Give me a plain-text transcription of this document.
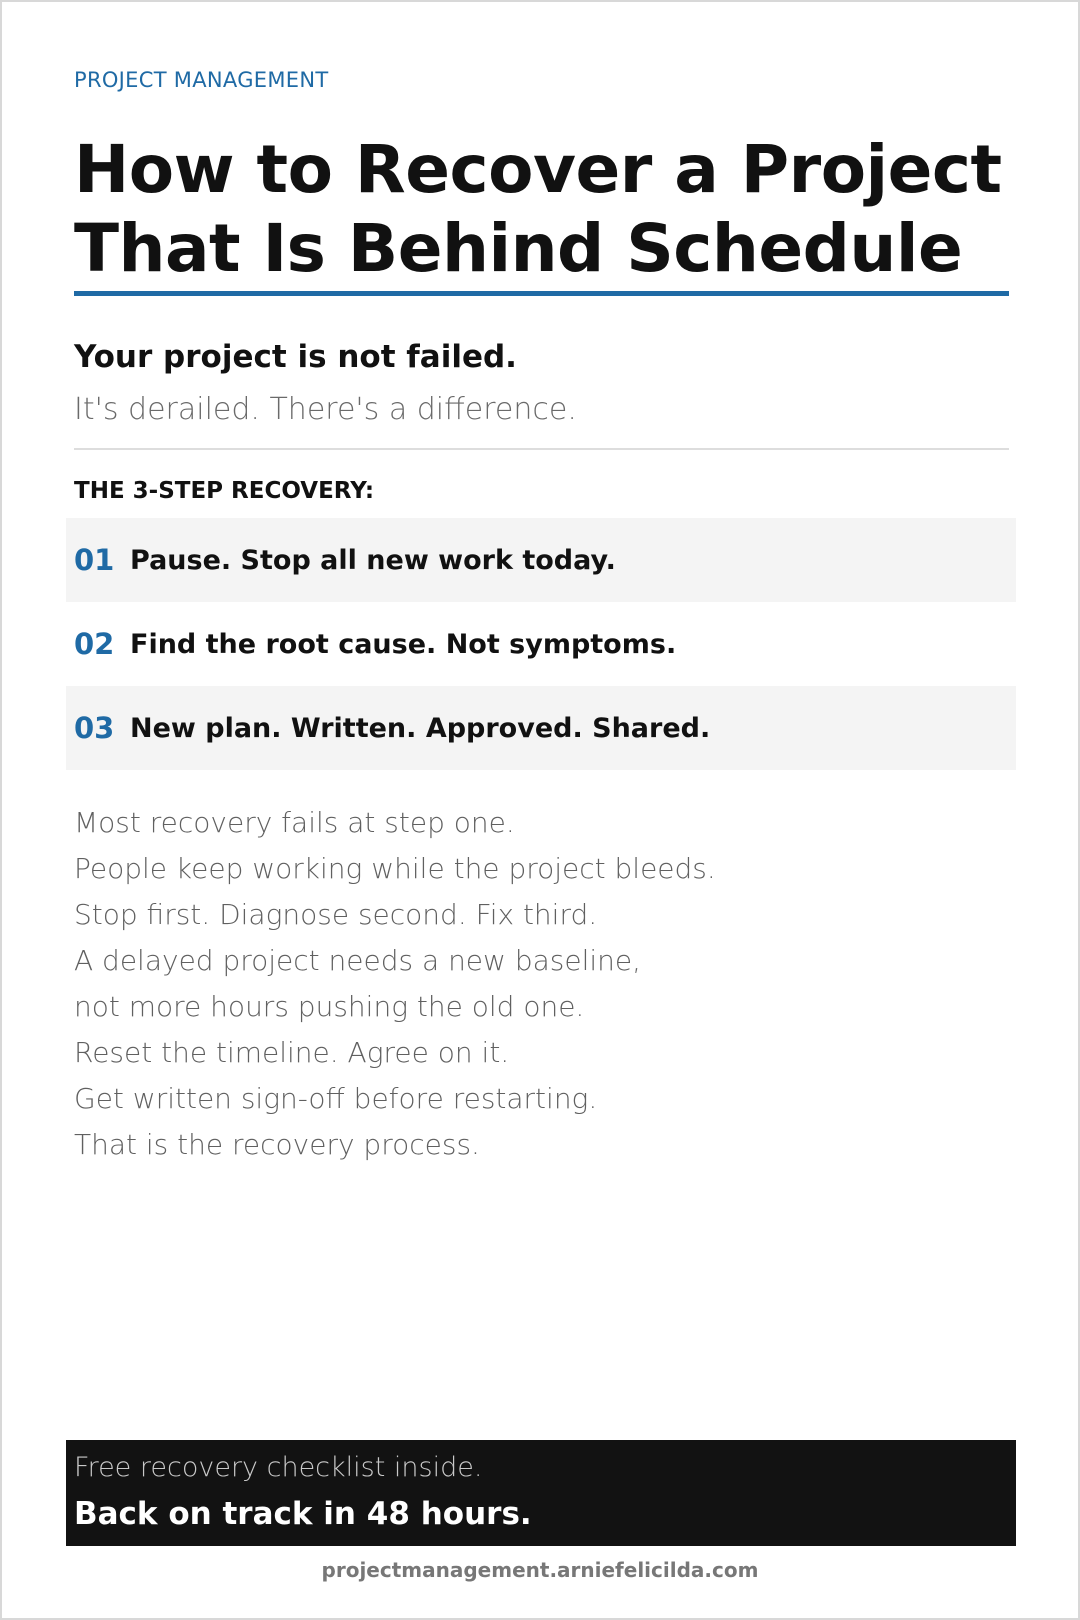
PROJECT MANAGEMENT
How to Recover a Project
That Is Behind Schedule
Your project is not failed.
It's derailed. There's a difference.
THE 3-STEP RECOVERY:
01 Pause. Stop all new work today.
02 Find the root cause. Not symptoms.
03 New plan. Written. Approved. Shared.
Most recovery fails at step one.
People keep working while the project bleeds.
Stop first. Diagnose second. Fix third.
A delayed project needs a new baseline,
not more hours pushing the old one.
Reset the timeline. Agree on it.
Get written sign-off before restarting.
That is the recovery process.
Free recovery checklist inside.
Back on track in 48 hours.
projectmanagement.arniefelicilda.com
